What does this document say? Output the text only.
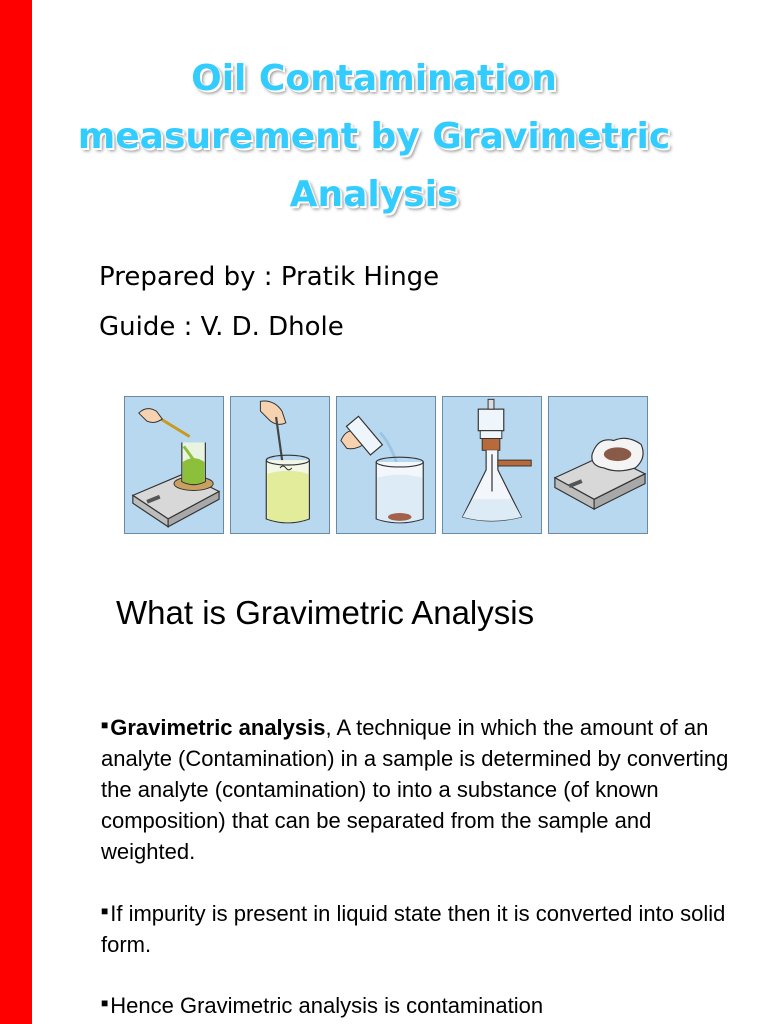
Oil Contamination
measurement by Gravimetric
Analysis
Prepared by : Pratik Hinge
Guide : V. D. Dhole
What is Gravimetric Analysis
■Gravimetric analysis, A technique in which the amount of an analyte (Contamination) in a sample is determined by converting the analyte (contamination) to into a substance (of known composition) that can be separated from the sample and weighted.
■If impurity is present in liquid state then it is converted into solid form.
■Hence Gravimetric analysis is contamination
